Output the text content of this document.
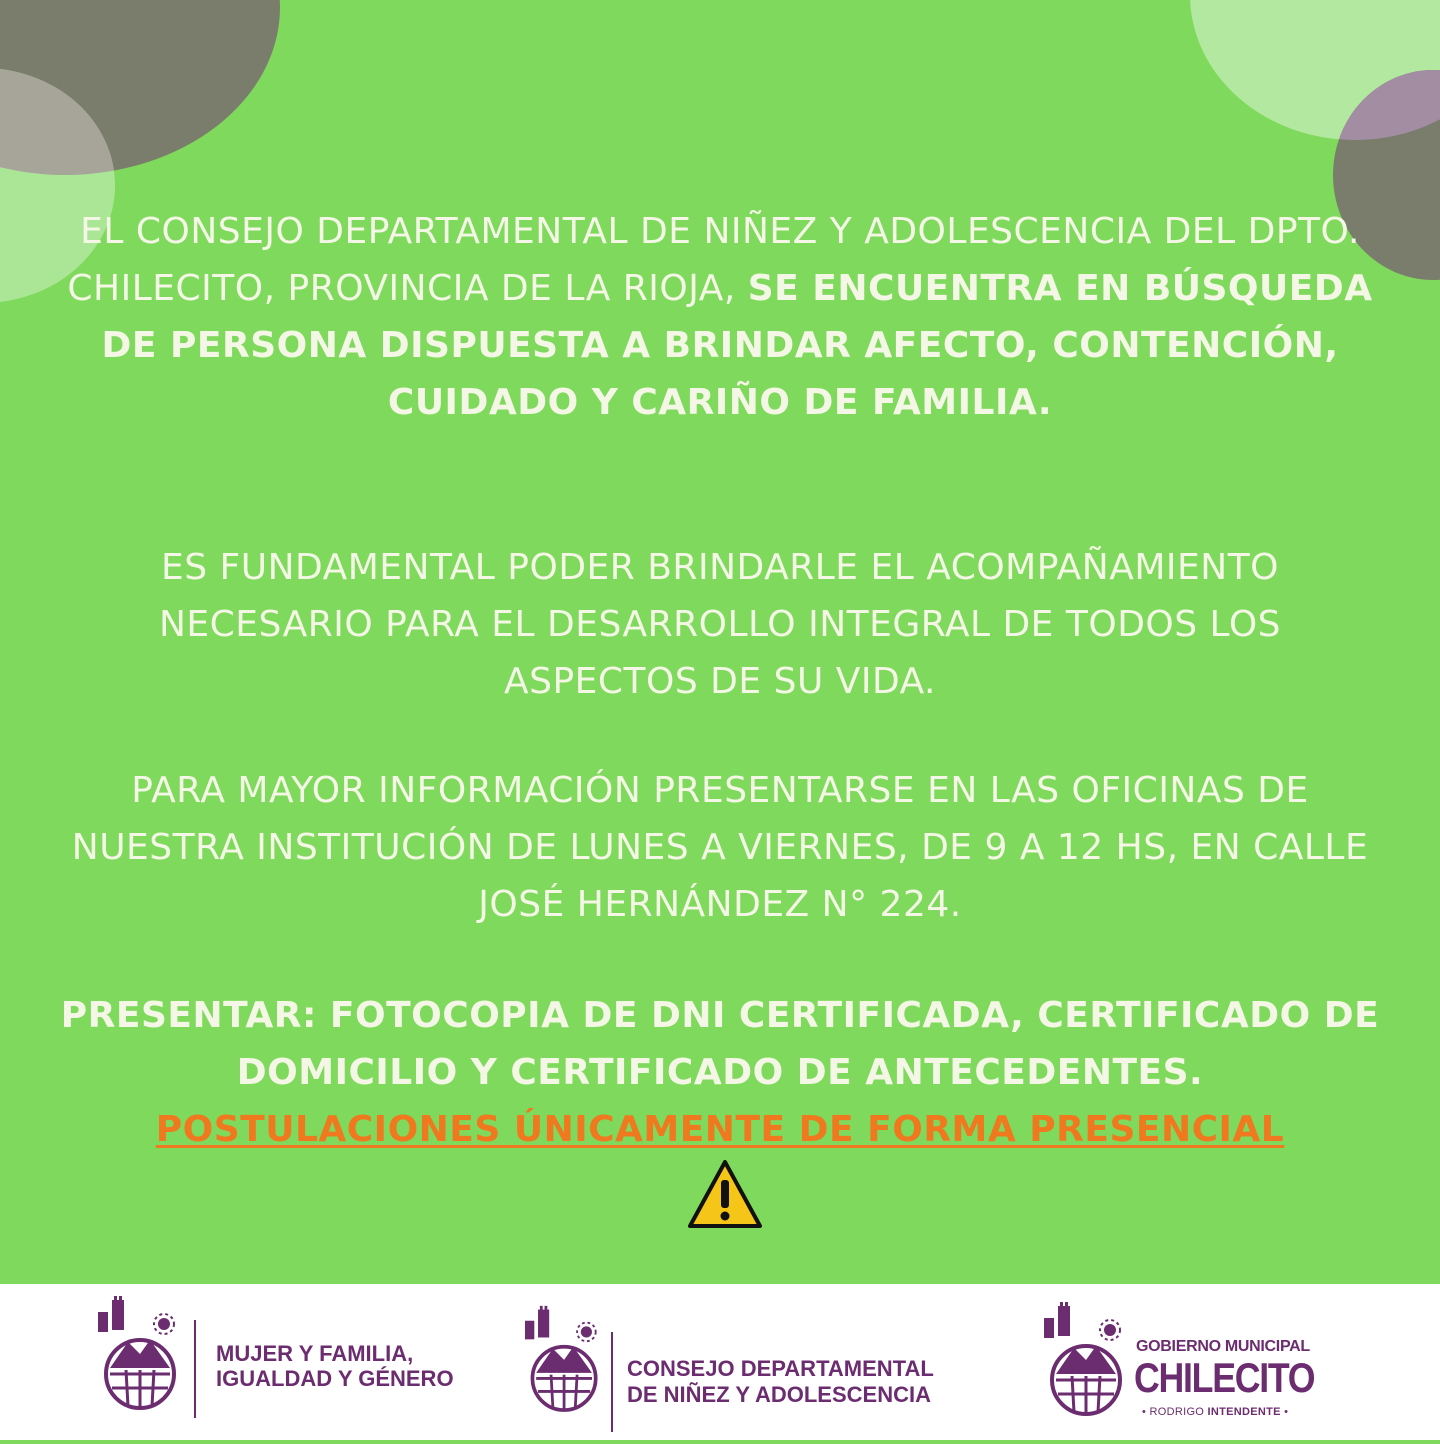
EL CONSEJO DEPARTAMENTAL DE NIÑEZ Y ADOLESCENCIA DEL DPTO. CHILECITO, PROVINCIA DE LA RIOJA, SE ENCUENTRA EN BÚSQUEDA DE PERSONA DISPUESTA A BRINDAR AFECTO, CONTENCIÓN, CUIDADO Y CARIÑO DE FAMILIA.
ES FUNDAMENTAL PODER BRINDARLE EL ACOMPAÑAMIENTO NECESARIO PARA EL DESARROLLO INTEGRAL DE TODOS LOS ASPECTOS DE SU VIDA.
PARA MAYOR INFORMACIÓN PRESENTARSE EN LAS OFICINAS DE NUESTRA INSTITUCIÓN DE LUNES A VIERNES, DE 9 A 12 HS, EN CALLE JOSÉ HERNÁNDEZ N° 224.
PRESENTAR: FOTOCOPIA DE DNI CERTIFICADA, CERTIFICADO DE DOMICILIO Y CERTIFICADO DE ANTECEDENTES.
POSTULACIONES ÚNICAMENTE DE FORMA PRESENCIAL
MUJER Y FAMILIA,
IGUALDAD Y GÉNERO	CONSEJO DEPARTAMENTAL
DE NIÑEZ Y ADOLESCENCIA
GOBIERNO MUNICIPAL
CHILECITO
• RODRIGO INTENDENTE •
